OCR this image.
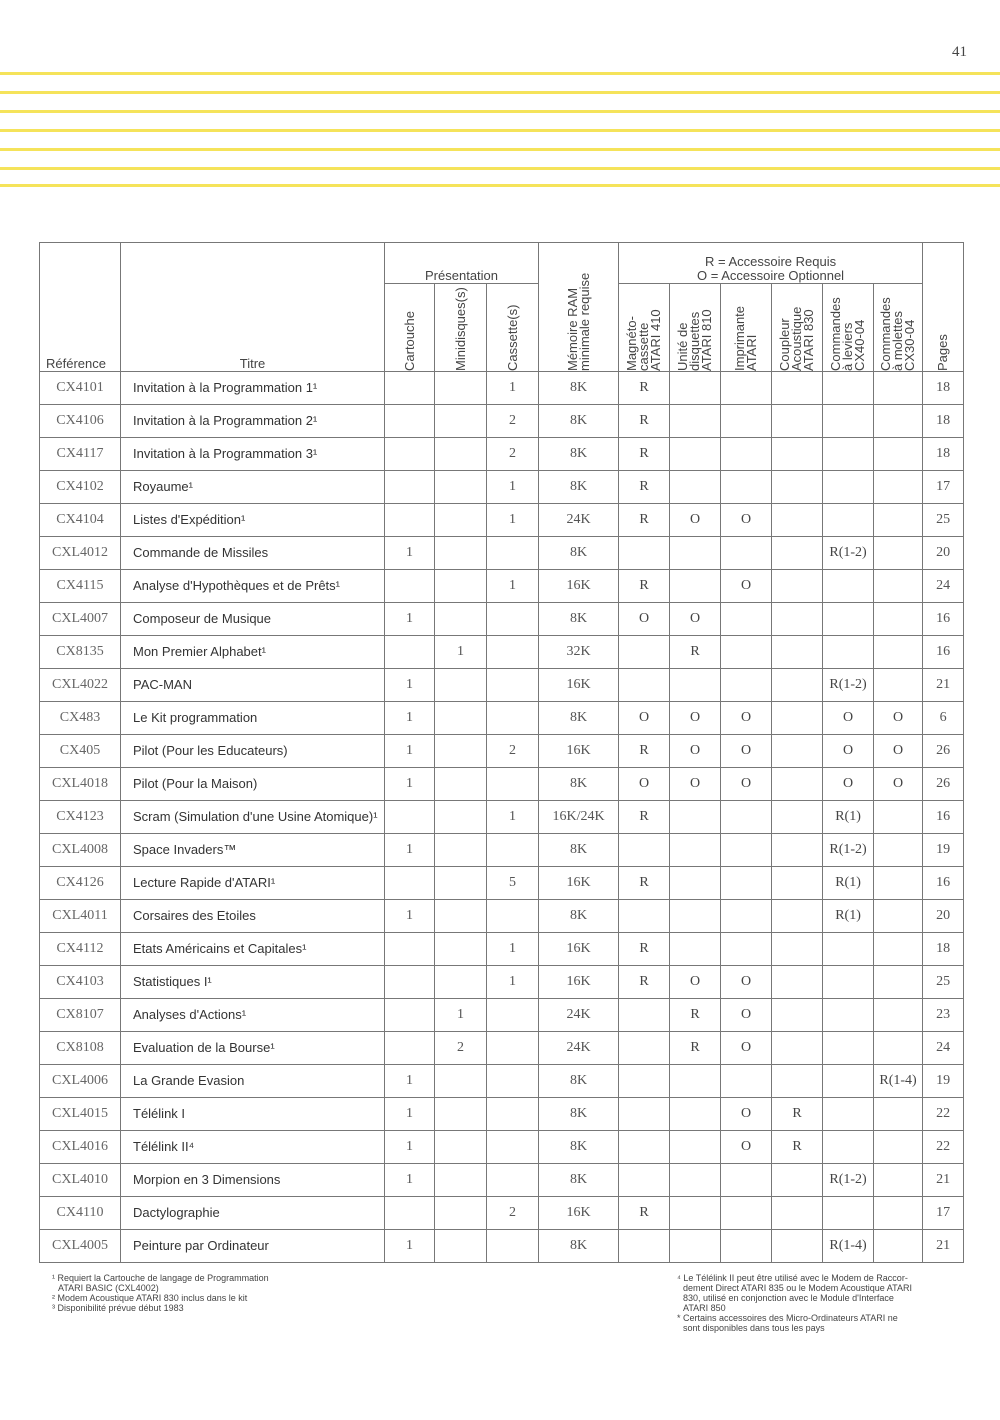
41
Référence	Titre	Présentation			Mémoire RAM minimale requise	R = Accessoire Requis
O = Accessoire Optionnel						Pages

		Cartouche	Minidisques(s)	Cassette(s)		Magnéto-cassette ATARI 410	Unité de disquettes ATARI 810	Imprimante ATARI	Coupleur Acoustique ATARI 830	Commandes à leviers CX40-04	Commandes à molettes CX30-04	

CX4101	Invitation à la Programmation 1¹			1	8K	R						18
CX4106	Invitation à la Programmation 2¹			2	8K	R						18
CX4117	Invitation à la Programmation 3¹			2	8K	R						18
CX4102	Royaume¹			1	8K	R						17
CX4104	Listes d'Expédition¹			1	24K	R	O	O				25
CXL4012	Commande de Missiles	1			8K					R(1-2)		20
CX4115	Analyse d'Hypothèques et de Prêts¹			1	16K	R		O				24
CXL4007	Composeur de Musique	1			8K	O	O					16
CX8135	Mon Premier Alphabet¹		1		32K		R					16
CXL4022	PAC-MAN	1			16K					R(1-2)		21
CX483	Le Kit programmation	1			8K	O	O	O		O	O	6
CX405	Pilot (Pour les Educateurs)	1		2	16K	R	O	O		O	O	26
CXL4018	Pilot (Pour la Maison)	1			8K	O	O	O		O	O	26
CX4123	Scram (Simulation d'une Usine Atomique)¹			1	16K/24K	R				R(1)		16
CXL4008	Space Invaders™	1			8K					R(1-2)		19
CX4126	Lecture Rapide d'ATARI¹			5	16K	R				R(1)		16
CXL4011	Corsaires des Etoiles	1			8K					R(1)		20
CX4112	Etats Américains et Capitales¹			1	16K	R						18
CX4103	Statistiques I¹			1	16K	R	O	O				25
CX8107	Analyses d'Actions¹		1		24K		R	O				23
CX8108	Evaluation de la Bourse¹		2		24K		R	O				24
CXL4006	La Grande Evasion	1			8K						R(1-4)	19
CXL4015	Télélink I	1			8K			O	R			22
CXL4016	Télélink II⁴	1			8K			O	R			22
CXL4010	Morpion en 3 Dimensions	1			8K					R(1-2)		21
CX4110	Dactylographie			2	16K	R						17
CXL4005	Peinture par Ordinateur	1			8K					R(1-4)		21
¹ Requiert la Cartouche de langage de Programmation
ATARI BASIC (CXL4002)
² Modem Acoustique ATARI 830 inclus dans le kit
³ Disponibilité prévue début 1983
⁴ Le Télélink II peut être utilisé avec le Modem de Raccor-
dement Direct ATARI 835 ou le Modem Acoustique ATARI
830, utilisé en conjonction avec le Module d'Interface
ATARI 850
* Certains accessoires des Micro-Ordinateurs ATARI ne
sont disponibles dans tous les pays
